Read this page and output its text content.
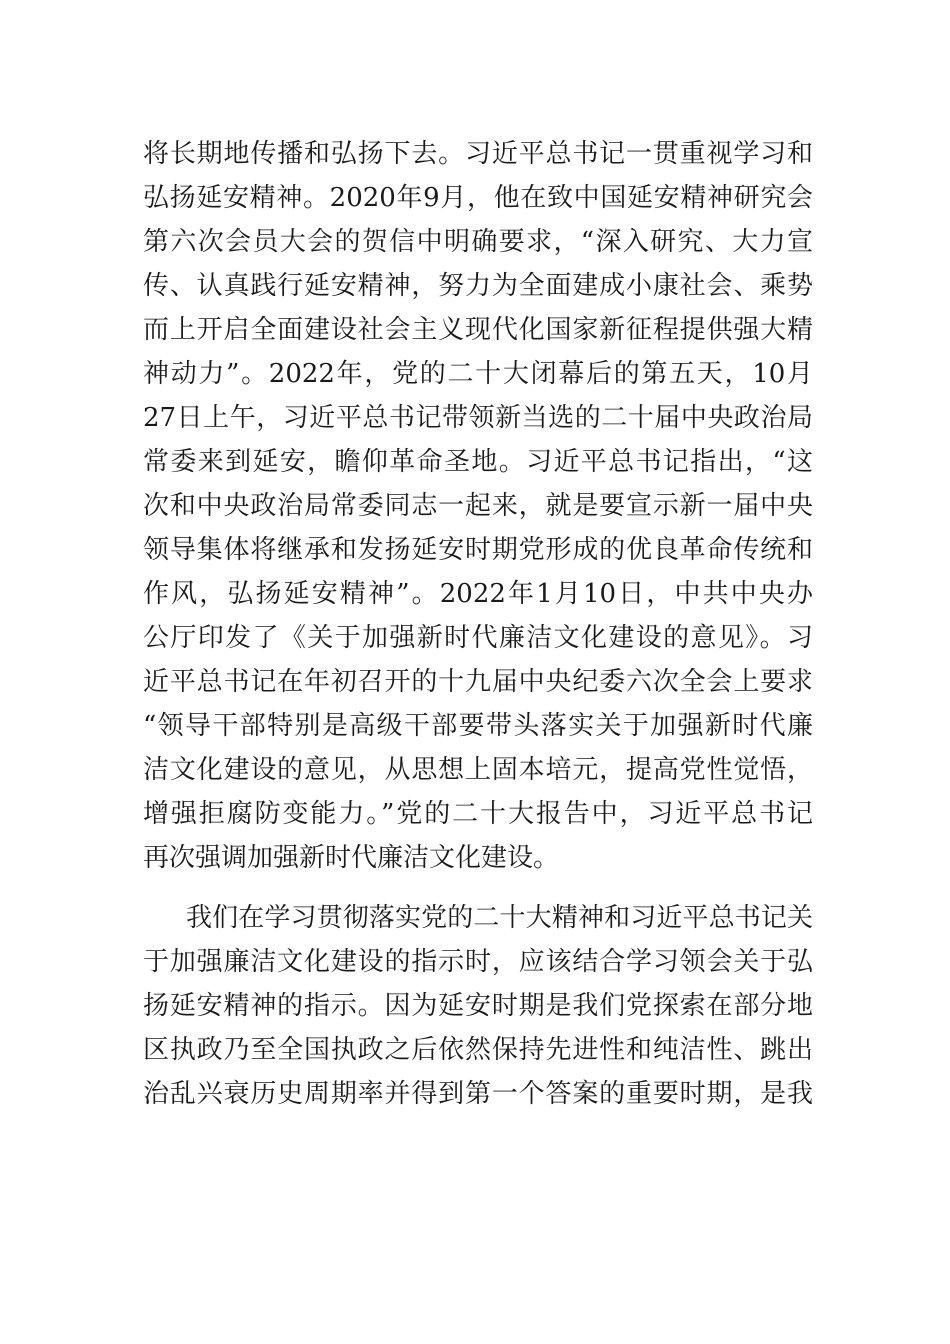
将长期地传播和弘扬下去。习近平总书记一贯重视学习和
弘扬延安精神。2020年9月，他在致中国延安精神研究会
第六次会员大会的贺信中明确要求，“深入研究、大力宣
传、认真践行延安精神，努力为全面建成小康社会、乘势
而上开启全面建设社会主义现代化国家新征程提供强大精
神动力”。2022年，党的二十大闭幕后的第五天，10月
27日上午，习近平总书记带领新当选的二十届中央政治局
常委来到延安，瞻仰革命圣地。习近平总书记指出，“这
次和中央政治局常委同志一起来，就是要宣示新一届中央
领导集体将继承和发扬延安时期党形成的优良革命传统和
作风，弘扬延安精神”。2022年1月10日，中共中央办
公厅印发了《关于加强新时代廉洁文化建设的意见》。习
近平总书记在年初召开的十九届中央纪委六次全会上要求
“领导干部特别是高级干部要带头落实关于加强新时代廉
洁文化建设的意见，从思想上固本培元，提高党性觉悟，
增强拒腐防变能力。”党的二十大报告中，习近平总书记
再次强调加强新时代廉洁文化建设。
我们在学习贯彻落实党的二十大精神和习近平总书记关
于加强廉洁文化建设的指示时，应该结合学习领会关于弘
扬延安精神的指示。因为延安时期是我们党探索在部分地
区执政乃至全国执政之后依然保持先进性和纯洁性、跳出
治乱兴衰历史周期率并得到第一个答案的重要时期，是我
